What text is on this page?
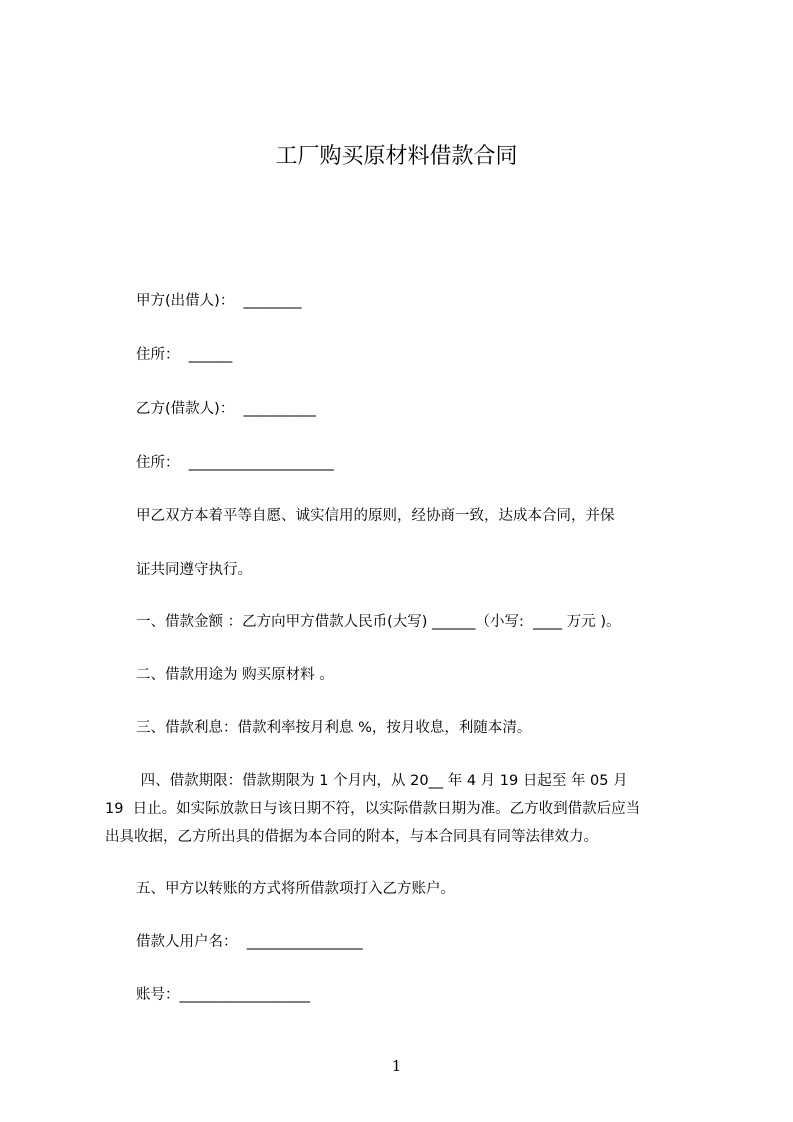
工厂购买原材料借款合同
甲方(出借人)：  ________
住所：  ______
乙方(借款人)：  __________
住所：  ____________________
甲乙双方本着平等自愿、诚实信用的原则，经协商一致，达成本合同，并保
证共同遵守执行。
一、借款金额 ：乙方向甲方借款人民币(大写) ______（小写:  ____ 万元 )。
二、借款用途为 购买原材料 。
三、借款利息：借款利率按月利息 %，按月收息，利随本清。
四、借款期限：借款期限为 1 个月内，从 20__ 年 4 月 19 日起至 年 05 月
19  日止。如实际放款日与该日期不符，以实际借款日期为准。乙方收到借款后应当
出具收据，乙方所出具的借据为本合同的附本，与本合同具有同等法律效力。
五、甲方以转账的方式将所借款项打入乙方账户。
借款人用户名：  ________________
账号：__________________
1
